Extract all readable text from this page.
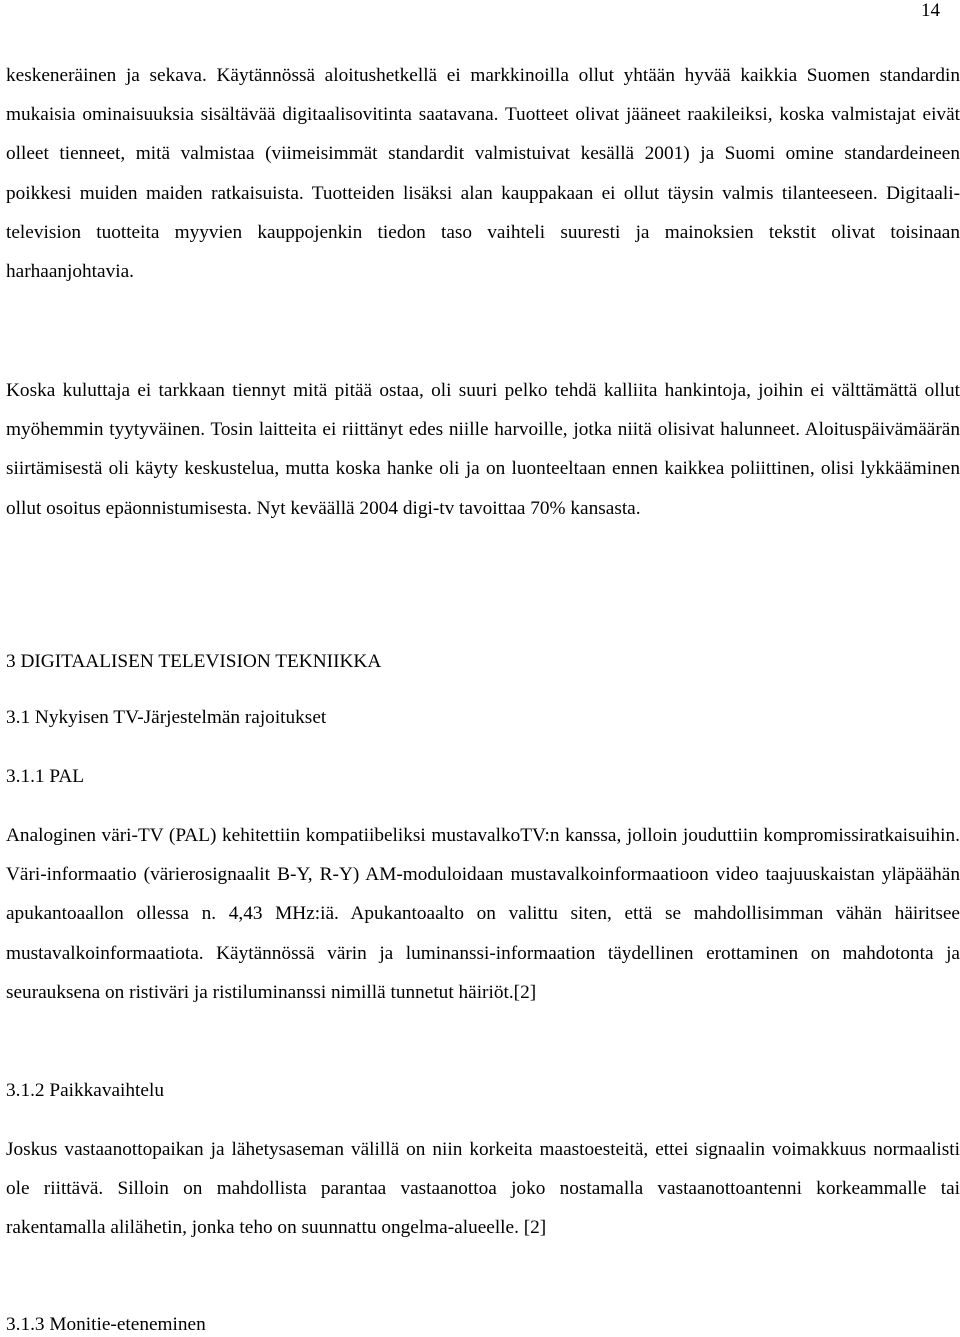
14

keskeneräinen ja sekava. Käytännössä aloitushetkellä ei markkinoilla ollut yhtään hyvää kaikkia Suomen standardin mukaisia ominaisuuksia sisältävää digitaalisovitinta saatavana. Tuotteet olivat jääneet raakileiksi, koska valmistajat eivät olleet tienneet, mitä valmistaa (viimeisimmät standardit valmistuivat kesällä 2001) ja Suomi omine standardeineen poikkesi muiden maiden ratkaisuista. Tuotteiden lisäksi alan kauppakaan ei ollut täysin valmis tilanteeseen. Digitaali-television tuotteita myyvien kauppojenkin tiedon taso vaihteli suuresti ja mainoksien tekstit olivat toisinaan harhaanjohtavia.

Koska kuluttaja ei tarkkaan tiennyt mitä pitää ostaa, oli suuri pelko tehdä kalliita hankintoja, joihin ei välttämättä ollut myöhemmin tyytyväinen. Tosin laitteita ei riittänyt edes niille harvoille, jotka niitä olisivat halunneet. Aloituspäivämäärän siirtämisestä oli käyty keskustelua, mutta koska hanke oli ja on luonteeltaan ennen kaikkea poliittinen, olisi lykkääminen ollut osoitus epäonnistumisesta. Nyt keväällä 2004 digi-tv tavoittaa 70% kansasta.

3 DIGITAALISEN TELEVISION TEKNIIKKA
3.1 Nykyisen TV-Järjestelmän rajoitukset
3.1.1 PAL

Analoginen väri-TV (PAL) kehitettiin kompatiibeliksi mustavalkoTV:n kanssa, jolloin jouduttiin kompromissiratkaisuihin. Väri-informaatio (värierosignaalit B-Y, R-Y) AM-moduloidaan mustavalkoinformaatioon video taajuuskaistan yläpäähän apukantoaallon ollessa n. 4,43 MHz:iä. Apukantoaalto on valittu siten, että se mahdollisimman vähän häiritsee mustavalkoinformaatiota. Käytännössä värin ja luminanssi-informaation täydellinen erottaminen on mahdotonta ja seurauksena on ristiväri ja ristiluminanssi nimillä tunnetut häiriöt.[2]

3.1.2 Paikkavaihtelu

Joskus vastaanottopaikan ja lähetysaseman välillä on niin korkeita maastoesteitä, ettei signaalin voimakkuus normaalisti ole riittävä. Silloin on mahdollista parantaa vastaanottoa joko nostamalla vastaanottoantenni korkeammalle tai rakentamalla alilähetin, jonka teho on suunnattu ongelma-alueelle. [2]

3.1.3 Monitie-eteneminen
